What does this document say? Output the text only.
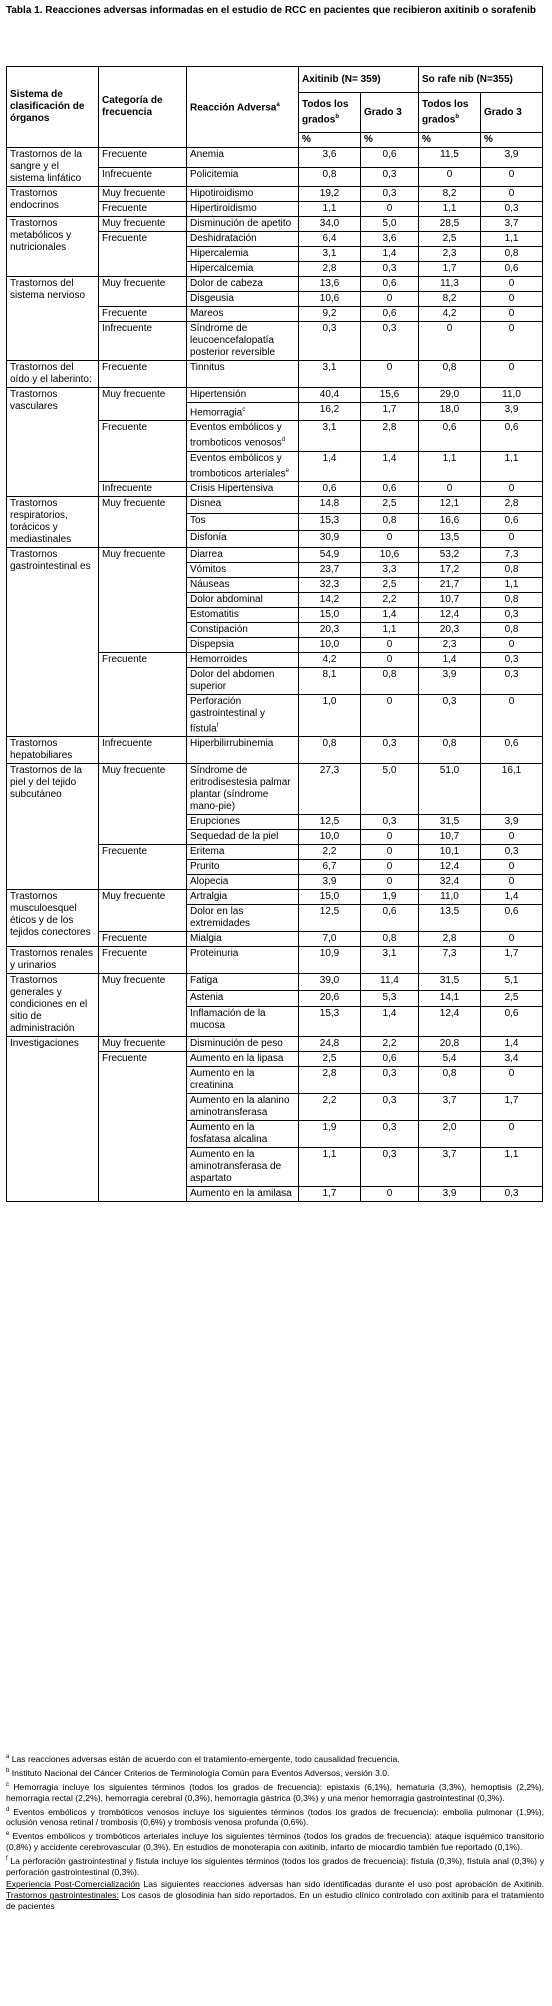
Tabla 1. Reacciones adversas informadas en el estudio de RCC en pacientes que recibieron axitinib o sorafenib
Sistema de clasificación de órganos	Categoría de frecuencia	Reacción Adversa$^a$	Axitinib (N= 359)		So rafe nib (N=355)	
			Todos los grados$^b$	Grado 3	Todos los grados$^b$	Grado 3
			%	%	%	%
Trastornos de la sangre y el sistema linfático	Frecuente	Anemia	3,6	0,6	11,5	3,9
	Infrecuente	Policitemia	0,8	0,3	0	0
Trastornos endocrinos	Muy frecuente	Hipotiroidismo	19,2	0,3	8,2	0
	Frecuente	Hipertiroidismo	1,1	0	1,1	0,3
Trastornos metabólicos y nutricionales	Muy frecuente	Disminución de apetito	34,0	5,0	28,5	3,7
	Frecuente	Deshidratación	6,4	3,6	2,5	1,1
		Hipercalemia	3,1	1,4	2,3	0,8
		Hipercalcemia	2,8	0,3	1,7	0,6
Trastornos del sistema nervioso	Muy frecuente	Dolor de cabeza	13,6	0,6	11,3	0
		Disgeusia	10,6	0	8,2	0
	Frecuente	Mareos	9,2	0,6	4,2	0
	Infrecuente	Síndrome de leucoencefalopatía posterior reversible	0,3	0,3	0	0
Trastornos del oído y el laberinto:	Frecuente	Tinnitus	3,1	0	0,8	0
Trastornos vasculares	Muy frecuente	Hipertensión	40,4	15,6	29,0	11,0
		Hemorragia$^c$	16,2	1,7	18,0	3,9
	Frecuente	Eventos embólicos y tromboticos venosos$^d$	3,1	2,8	0,6	0,6
		Eventos embólicos y tromboticos arteriales$^e$	1,4	1,4	1,1	1,1
	Infrecuente	Crisis Hipertensiva	0,6	0,6	0	0
Trastornos respiratorios, torácicos y mediastinales	Muy frecuente	Disnea	14,8	2,5	12,1	2,8
		Tos	15,3	0,8	16,6	0,6
		Disfonía	30,9	0	13,5	0
Trastornos gastrointestinal es	Muy frecuente	Diarrea	54,9	10,6	53,2	7,3
		Vómitos	23,7	3,3	17,2	0,8
		Náuseas	32,3	2,5	21,7	1,1
		Dolor abdominal	14,2	2,2	10,7	0,8
		Estomatitis	15,0	1,4	12,4	0,3
		Constipación	20,3	1,1	20,3	0,8
		Dispepsia	10,0	0	2,3	0
	Frecuente	Hemorroides	4,2	0	1,4	0,3
		Dolor del abdomen superior	8,1	0,8	3,9	0,3
		Perforación gastrointestinal y fístula$^f$	1,0	0	0,3	0
Trastornos hepatobiliares	Infrecuente	Hiperbilirrubinemia	0,8	0,3	0,8	0,6
Trastornos de la piel y del tejido subcutáneo	Muy frecuente	Síndrome de eritrodisestesia palmar plantar (síndrome mano-pie)	27,3	5,0	51,0	16,1
		Erupciones	12,5	0,3	31,5	3,9
		Sequedad de la piel	10,0	0	10,7	0
	Frecuente	Eritema	2,2	0	10,1	0,3
		Prurito	6,7	0	12,4	0
		Alopecia	3,9	0	32,4	0
Trastornos musculoesquel éticos y de los tejidos conectores	Muy frecuente	Artralgia	15,0	1,9	11,0	1,4
		Dolor en las extremidades	12,5	0,6	13,5	0,6
	Frecuente	Mialgia	7,0	0,8	2,8	0
Trastornos renales y urinarios	Frecuente	Proteinuria	10,9	3,1	7,3	1,7
Trastornos generales y condiciones en el sitio de administración	Muy frecuente	Fatiga	39,0	11,4	31,5	5,1
		Astenia	20,6	5,3	14,1	2,5
		Inflamación de la mucosa	15,3	1,4	12,4	0,6
Investigaciones	Muy frecuente	Disminución de peso	24,8	2,2	20,8	1,4
	Frecuente	Aumento en la lipasa	2,5	0,6	5,4	3,4
		Aumento en la creatinina	2,8	0,3	0,8	0
		Aumento en la alanino aminotransferasa	2,2	0,3	3,7	1,7
		Aumento en la fosfatasa alcalina	1,9	0,3	2,0	0
		Aumento en la aminotransferasa de aspartato	1,1	0,3	3,7	1,1
		Aumento en la amilasa	1,7	0	3,9	0,3

$^a$ Las reacciones adversas están de acuerdo con el tratamiento-emergente, todo causalidad frecuencia.

$^b$ Instituto Nacional del Cáncer Criterios de Terminología Común para Eventos Adversos, versión 3.0.

$^c$ Hemorragia incluye los siguientes términos (todos los grados de frecuencia): epistaxis (6,1%), hematuria (3,3%), hemoptisis (2,2%), hemorragia rectal (2,2%), hemorragia cerebral (0,3%), hemorragia gástrica (0,3%) y una menor hemorragia gastrointestinal (0,3%).

$^d$ Eventos embólicos y trombóticos venosos incluye los siguientes términos (todos los grados de frecuencia): embolia pulmonar (1,9%), oclusión venosa retinal / trombosis (0,6%) y trombosis venosa profunda (0,6%).

$^e$ Eventos embólicos y trombóticos arteriales incluye los siguientes términos (todos los grados de frecuencia): ataque isquémico transitorio (0,8%) y accidente cerebrovascular (0,3%). En estudios de monoterapia con axitinib, infarto de miocardio también fue reportado (0,1%).

$^f$ La perforación gastrointestinal y fístula incluye los siguientes términos (todos los grados de frecuencia): fístula (0,3%), fístula anal (0,3%) y perforación gastrointestinal (0,3%).

Experiencia Post-Comercialización Las siguientes reacciones adversas han sido identificadas durante el uso post aprobación de Axitinib. Trastornos gastrointestinales: Los casos de glosodinia han sido reportados. En un estudio clínico controlado con axitinib para el tratamiento de pacientes
